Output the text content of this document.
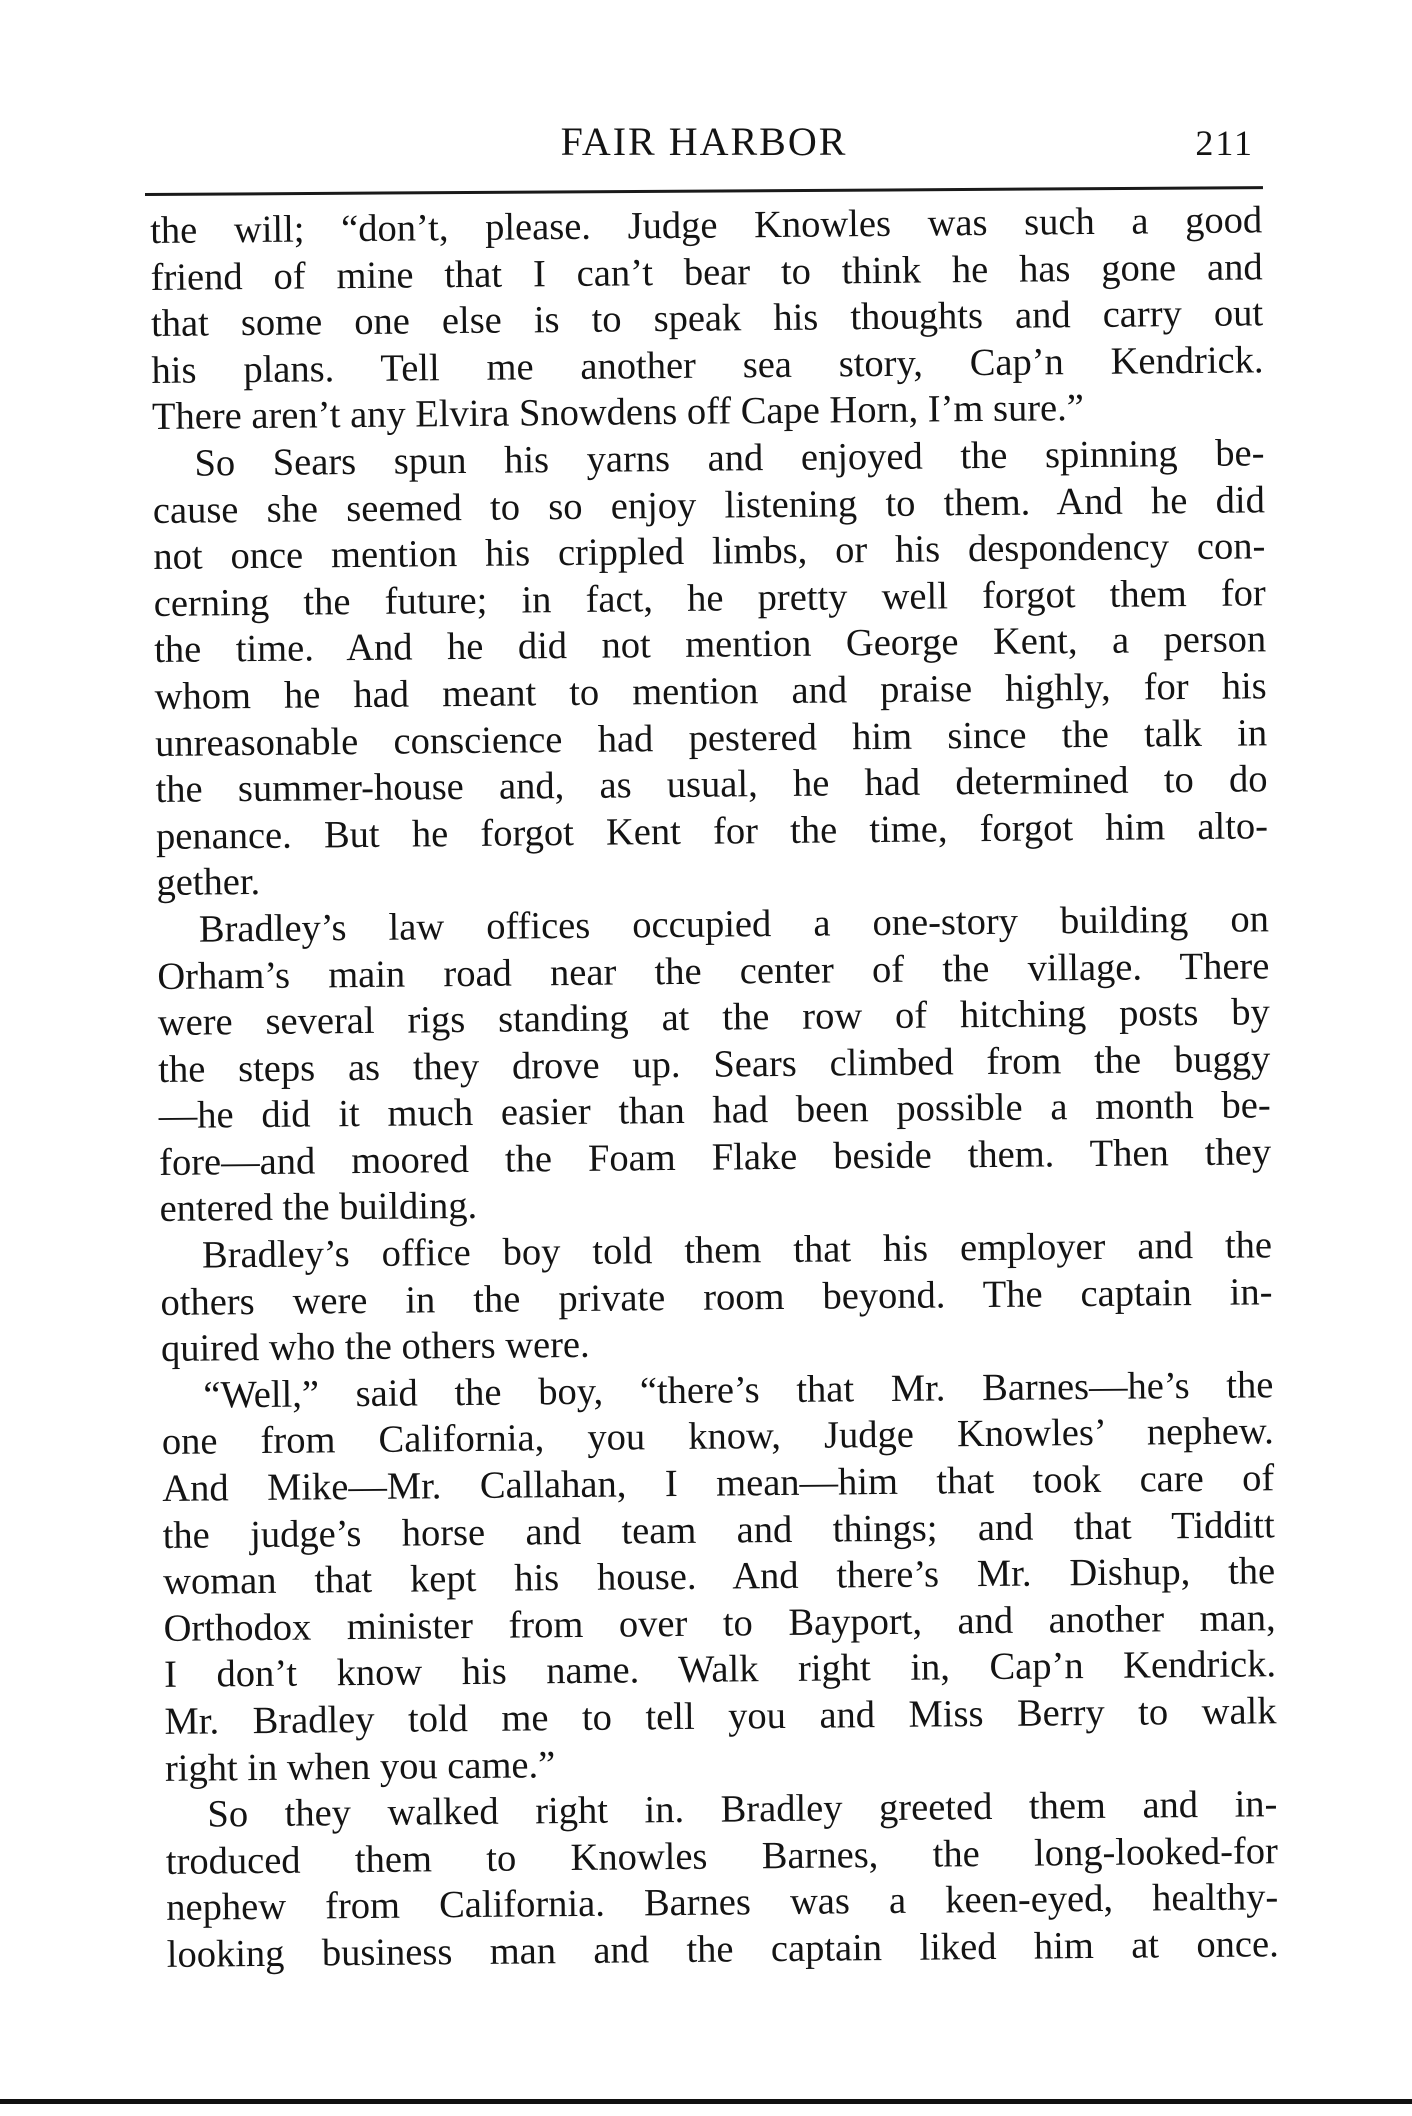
FAIR HARBOR	211
the will; “don’t, please. Judge Knowles was such a good
friend of mine that I can’t bear to think he has gone and
that some one else is to speak his thoughts and carry out
his plans. Tell me another sea story, Cap’n Kendrick.
There aren’t any Elvira Snowdens off Cape Horn, I’m sure.”
So Sears spun his yarns and enjoyed the spinning be-
cause she seemed to so enjoy listening to them. And he did
not once mention his crippled limbs, or his despondency con-
cerning the future; in fact, he pretty well forgot them for
the time. And he did not mention George Kent, a person
whom he had meant to mention and praise highly, for his
unreasonable conscience had pestered him since the talk in
the summer-house and, as usual, he had determined to do
penance. But he forgot Kent for the time, forgot him alto-
gether.
Bradley’s law offices occupied a one-story building on
Orham’s main road near the center of the village. There
were several rigs standing at the row of hitching posts by
the steps as they drove up. Sears climbed from the buggy
—he did it much easier than had been possible a month be-
fore—and moored the Foam Flake beside them. Then they
entered the building.
Bradley’s office boy told them that his employer and the
others were in the private room beyond. The captain in-
quired who the others were.
“Well,” said the boy, “there’s that Mr. Barnes—he’s the
one from California, you know, Judge Knowles’ nephew.
And Mike—Mr. Callahan, I mean—him that took care of
the judge’s horse and team and things; and that Tidditt
woman that kept his house. And there’s Mr. Dishup, the
Orthodox minister from over to Bayport, and another man,
I don’t know his name. Walk right in, Cap’n Kendrick.
Mr. Bradley told me to tell you and Miss Berry to walk
right in when you came.”
So they walked right in. Bradley greeted them and in-
troduced them to Knowles Barnes, the long-looked-for
nephew from California. Barnes was a keen-eyed, healthy-
looking business man and the captain liked him at once.
